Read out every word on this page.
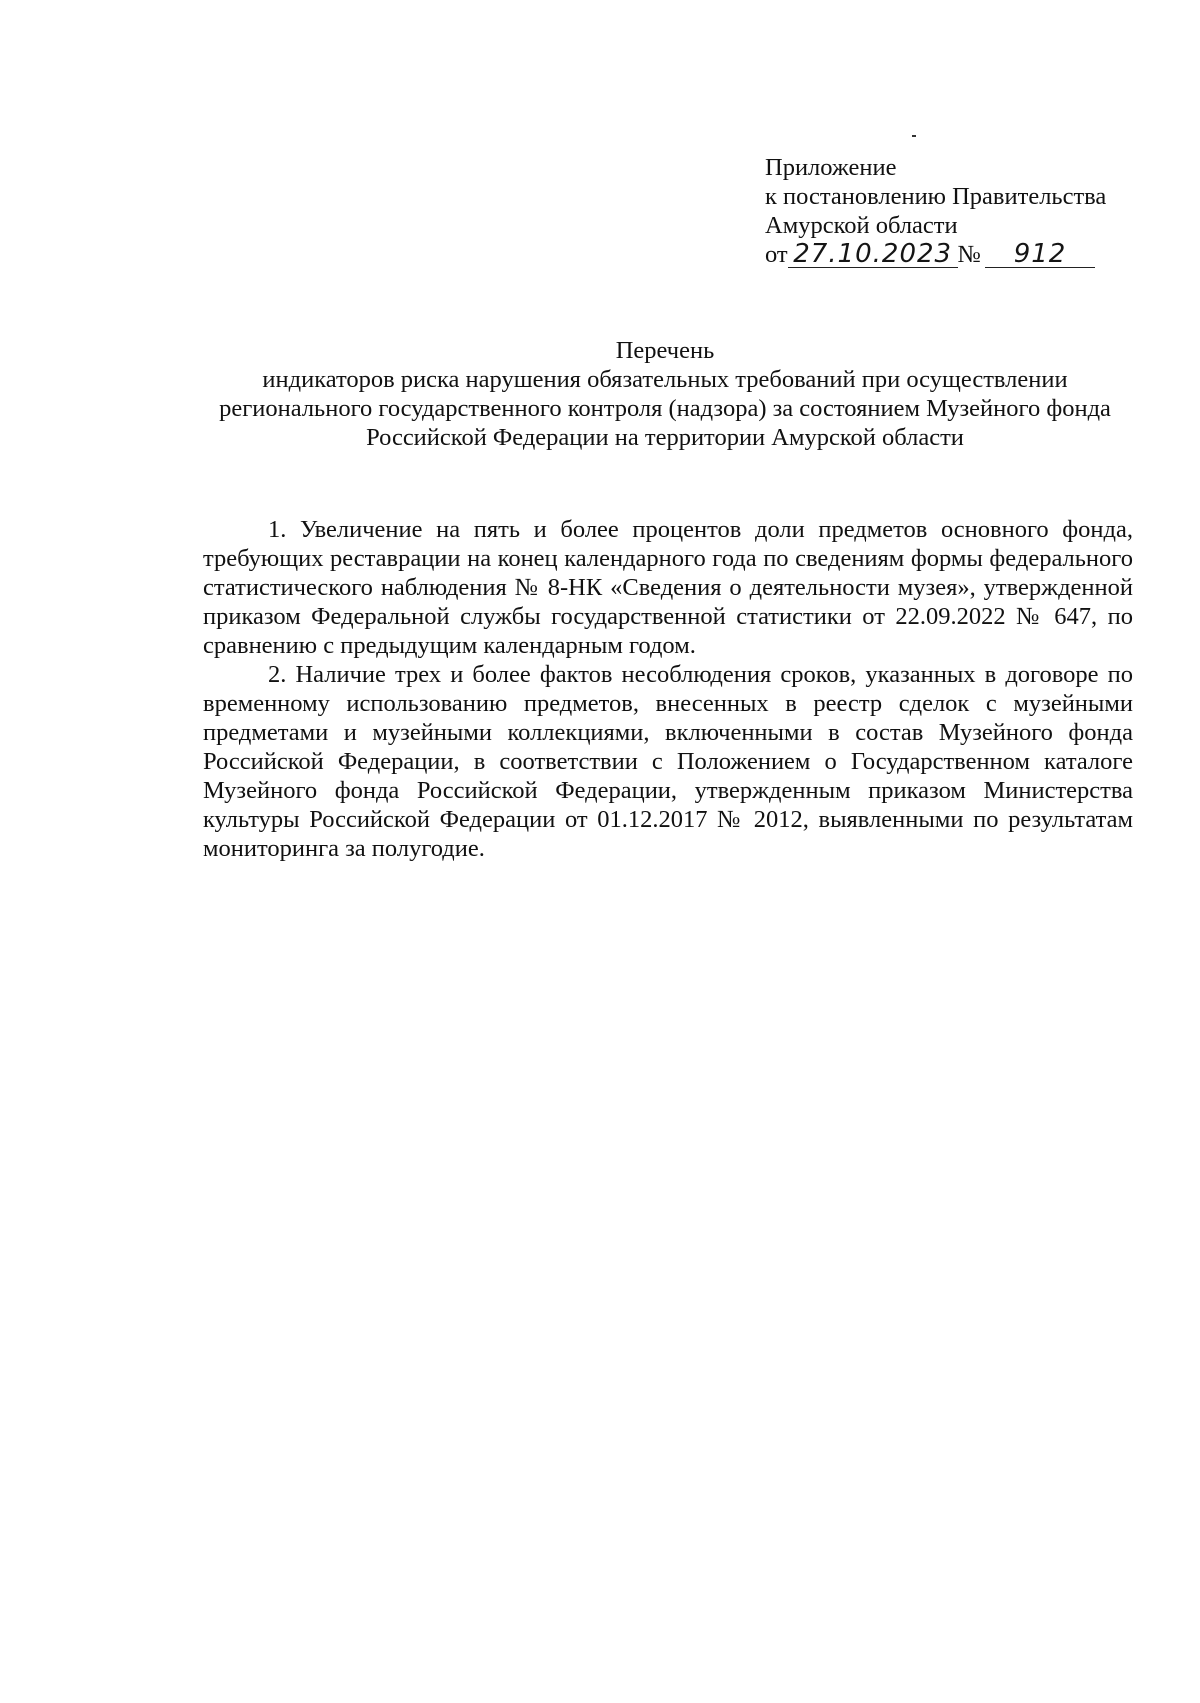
Приложение
к постановлению Правительства
Амурской области
от 27.10.2023 № 912
Перечень
индикаторов риска нарушения обязательных требований при осуществлении регионального государственного контроля (надзора) за состоянием Музейного фонда Российской Федерации на территории Амурской области

1. Увеличение на пять и более процентов доли предметов основного фонда, требующих реставрации на конец календарного года по сведениям формы федерального статистического наблюдения № 8-НК «Сведения о деятельности музея», утвержденной приказом Федеральной службы государственной статистики от 22.09.2022 № 647, по сравнению с предыдущим календарным годом.

2. Наличие трех и более фактов несоблюдения сроков, указанных в договоре по временному использованию предметов, внесенных в реестр сделок с музейными предметами и музейными коллекциями, включенными в состав Музейного фонда Российской Федерации, в соответствии с Положением о Государственном каталоге Музейного фонда Российской Федерации, утвержденным приказом Министерства культуры Российской Федерации от 01.12.2017 № 2012, выявленными по результатам мониторинга за полугодие.
